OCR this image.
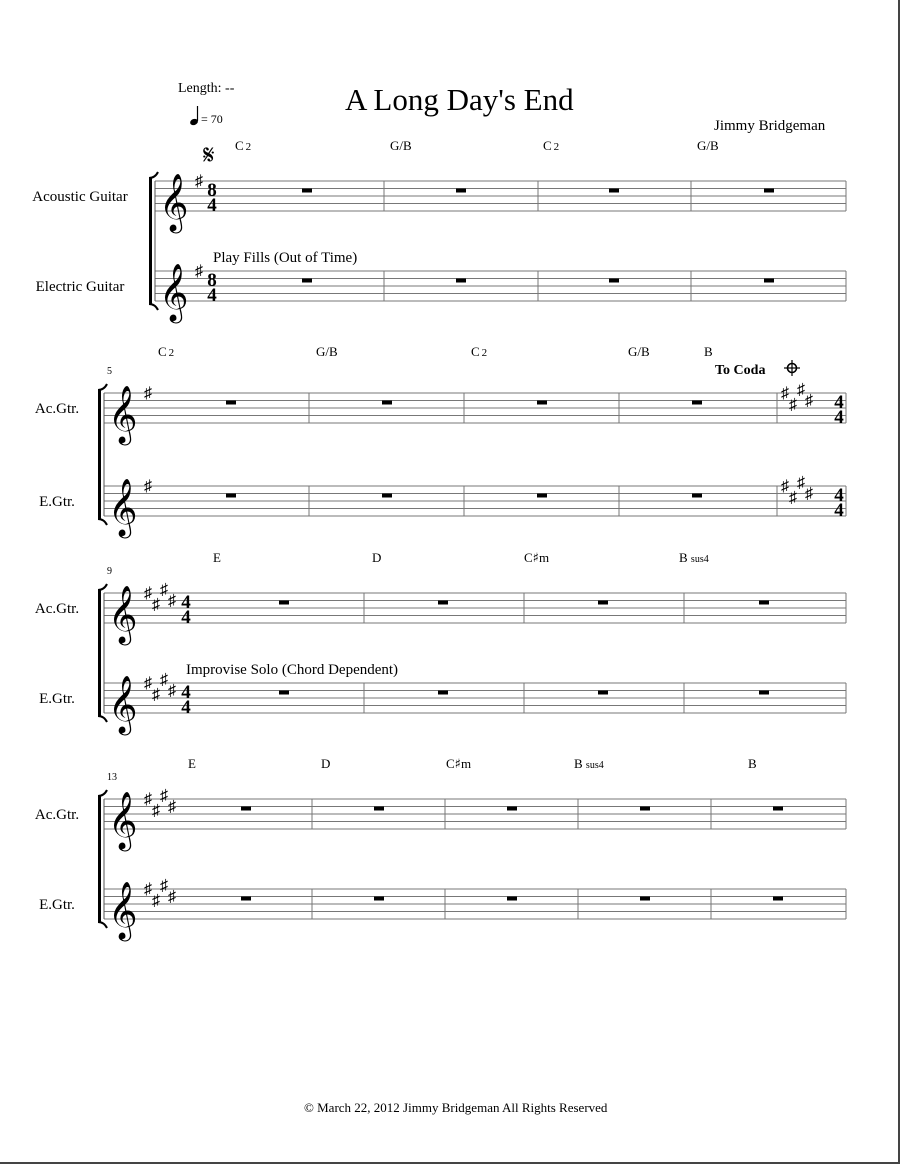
Length: --	A Long Day's End
Jimmy Bridgeman
© March 22, 2012 Jimmy Bridgeman All Rights Reserved
= 70
𝄞 ♯ 8
4
𝄞 ♯ 8
4
Acoustic Guitar
Electric Guitar
C 2	G/B	C 2	G/B
Play Fills (Out of Time)
𝄋
𝄞 ♯
𝄞 ♯
♯
♯
♯
♯ 4
4
♯
♯
♯
♯ 4
4
Ac.Gtr.
E.Gtr.
5
C 2	G/B	C 2	G/B	B
To Coda
𝄞 ♯
♯
♯
♯ 4
4
𝄞 ♯
♯
♯
♯ 4
4
Ac.Gtr.
E.Gtr.
9
E	D	C♯m	B sus4
Improvise Solo (Chord Dependent)
𝄞 ♯
♯
♯
♯
𝄞 ♯
♯
♯
♯
Ac.Gtr.
E.Gtr.
13
E	D	C♯m	B sus4	B
